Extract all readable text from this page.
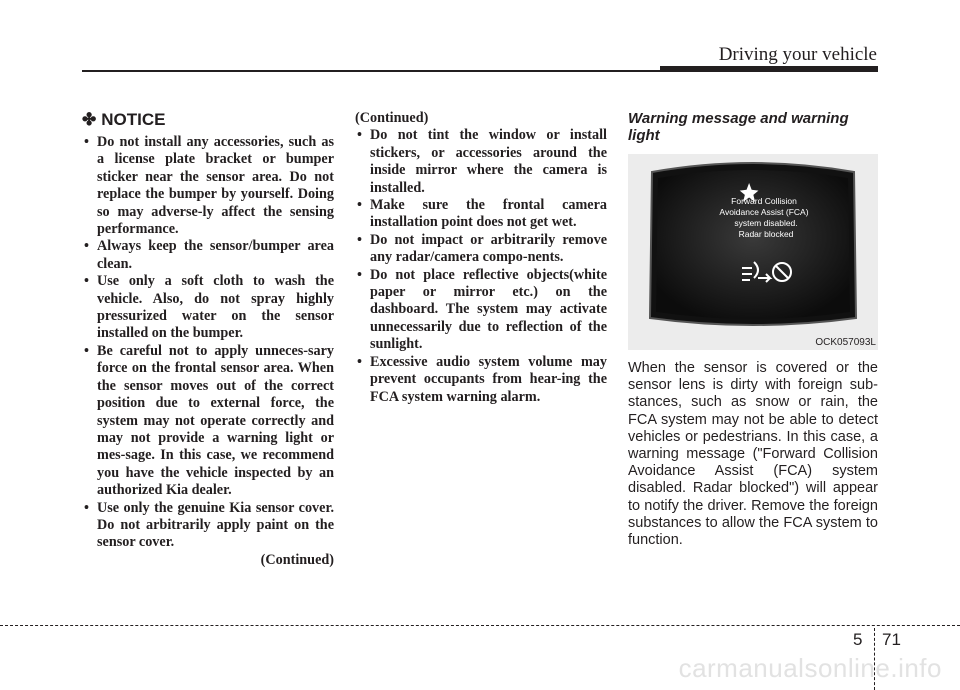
Driving your vehicle
✤ NOTICE
• Do not install any accessories, such as a license plate bracket or bumper sticker near the sensor area. Do not replace the bumper by yourself. Doing so may adverse-ly affect the sensing performance.
• Always keep the sensor/bumper area clean.
• Use only a soft cloth to wash the vehicle. Also, do not spray highly pressurized water on the sensor installed on the bumper.
• Be careful not to apply unneces-sary force on the frontal sensor area. When the sensor moves out of the correct position due to external force, the system may not operate correctly and may not provide a warning light or mes-sage. In this case, we recommend you have the vehicle inspected by an authorized Kia dealer.
• Use only the genuine Kia sensor cover. Do not arbitrarily apply paint on the sensor cover.
(Continued)
(Continued)
• Do not tint the window or install stickers, or accessories around the inside mirror where the camera is installed.
• Make sure the frontal camera installation point does not get wet.
• Do not impact or arbitrarily remove any radar/camera compo-nents.
• Do not place reflective objects(white paper or mirror etc.) on the dashboard. The system may activate unnecessarily due to reflection of the sunlight.
• Excessive audio system volume may prevent occupants from hear-ing the FCA system warning alarm.

Warning message and warning light

Forward Collision
Avoidance Assist (FCA)
system disabled.
Radar blocked
OCK057093L
When the sensor is covered or the sensor lens is dirty with foreign sub-stances, such as snow or rain, the FCA system may not be able to detect vehicles or pedestrians. In this case, a warning message ("Forward Collision Avoidance Assist (FCA) system disabled. Radar blocked") will appear to notify the driver. Remove the foreign substances to allow the FCA system to function.
5 71
carmanualsonline.info
